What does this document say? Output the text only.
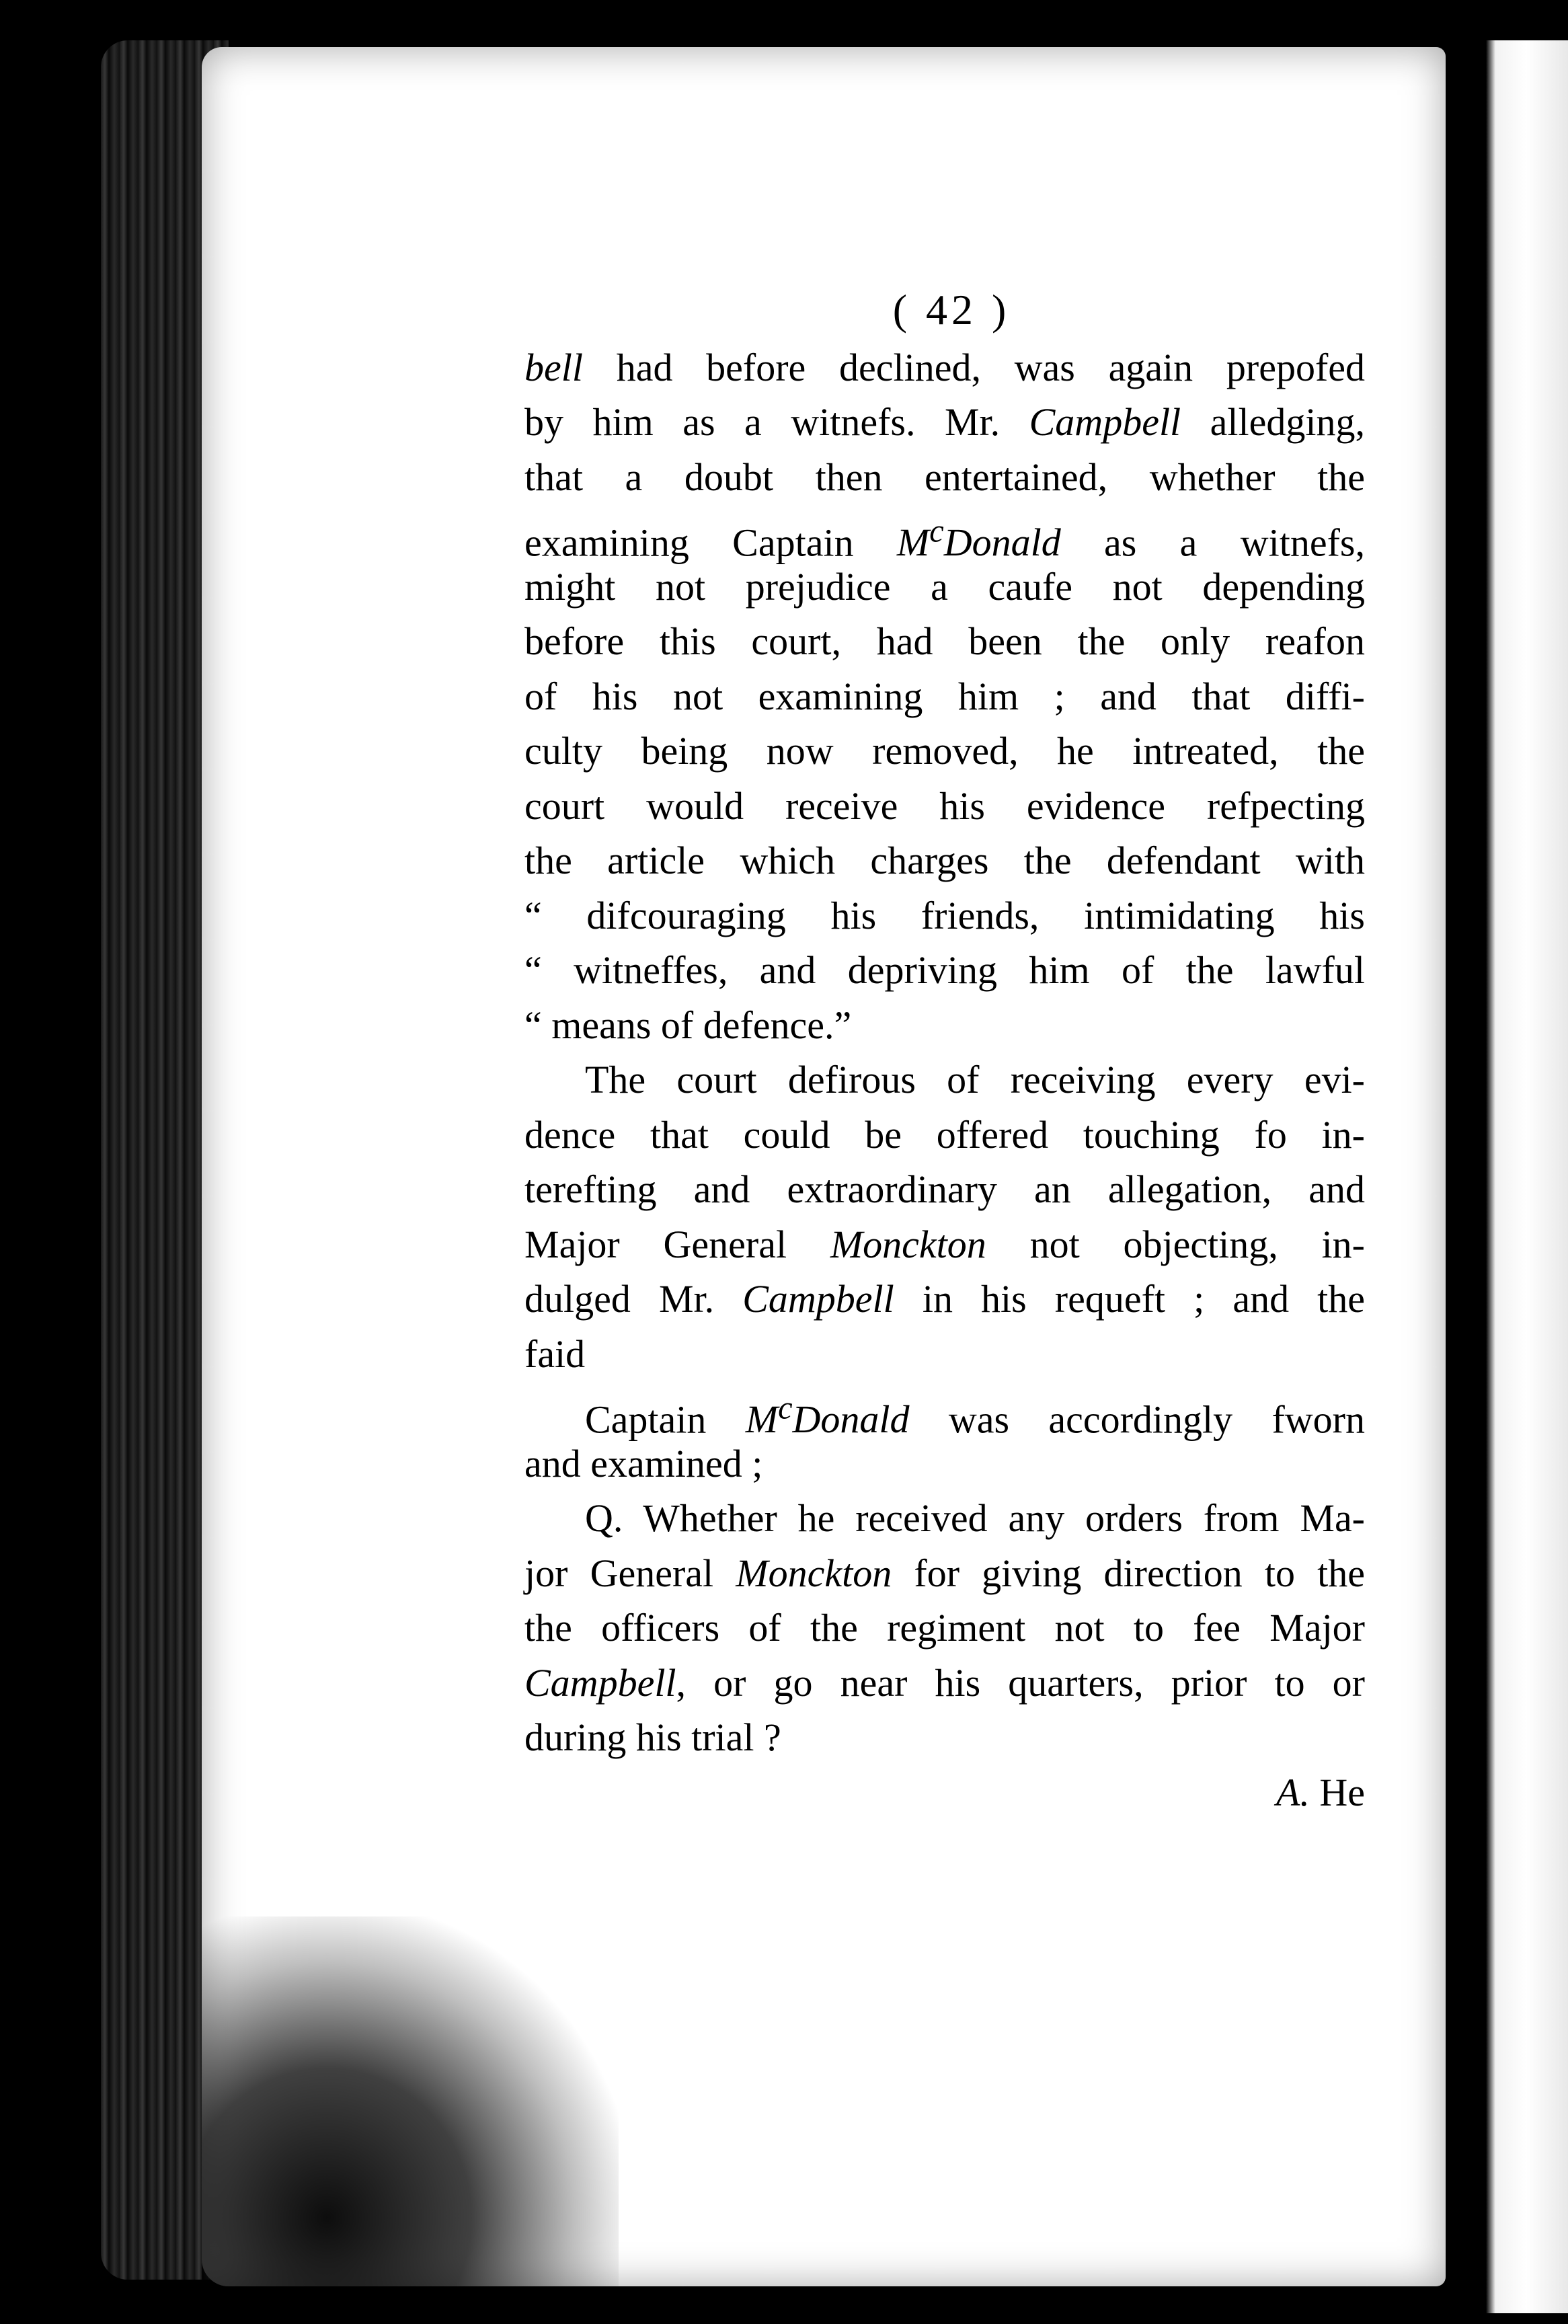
( 42 )
bell had before declined, was again prepofed
by him as a witnefs. Mr. Campbell alledging,
that a doubt then entertained, whether the
examining Captain $M^cDonald$ as a witnefs,
might not prejudice a caufe not depending
before this court, had been the only reafon
of his not examining him ; and that diffi-
culty being now removed, he intreated, the
court would receive his evidence refpecting
the article which charges the defendant with
“ difcouraging his friends, intimidating his
“ witneffes, and depriving him of the lawful
“ means of defence.”
The court defirous of receiving every evi-
dence that could be offered touching fo in-
terefting and extraordinary an allegation, and
Major General Monckton not objecting, in-
dulged Mr. Campbell in his requeft ; and the
faid
Captain $M^cDonald$ was accordingly fworn
and examined ;
Q. Whether he received any orders from Ma-
jor General Monckton for giving direction to the
the officers of the regiment not to fee Major
Campbell, or go near his quarters, prior to or
during his trial ?
A. He
